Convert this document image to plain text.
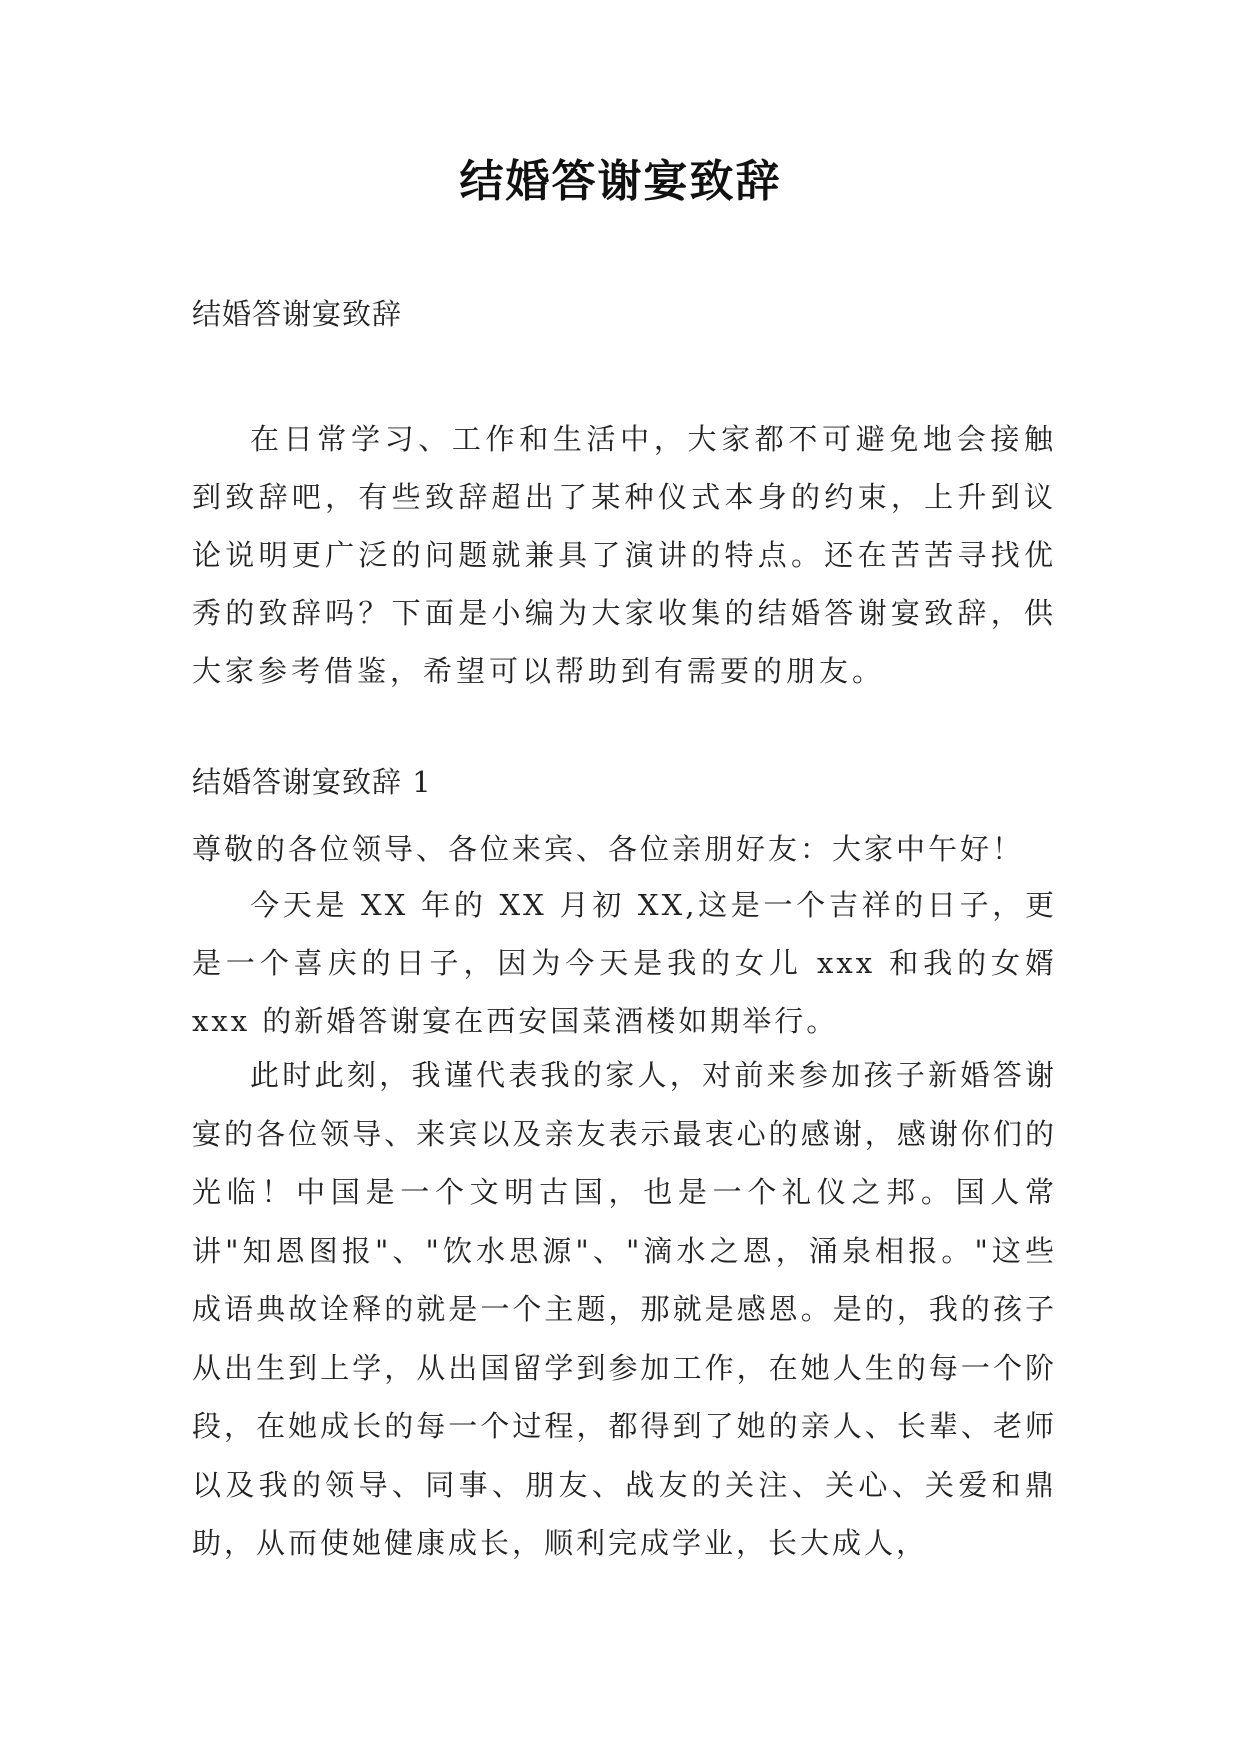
结婚答谢宴致辞

结婚答谢宴致辞

在日常学习、工作和生活中，大家都不可避免地会接触到致辞吧，有些致辞超出了某种仪式本身的约束，上升到议论说明更广泛的问题就兼具了演讲的特点。还在苦苦寻找优秀的致辞吗？下面是小编为大家收集的结婚答谢宴致辞，供大家参考借鉴，希望可以帮助到有需要的朋友。

结婚答谢宴致辞 1

尊敬的各位领导、各位来宾、各位亲朋好友：大家中午好！

今天是 XX 年的 XX 月初 XX,这是一个吉祥的日子，更是一个喜庆的日子，因为今天是我的女儿 xxx 和我的女婿 xxx 的新婚答谢宴在西安国菜酒楼如期举行。

此时此刻，我谨代表我的家人，对前来参加孩子新婚答谢宴的各位领导、来宾以及亲友表示最衷心的感谢，感谢你们的光临！中国是一个文明古国，也是一个礼仪之邦。国人常讲"知恩图报"、"饮水思源"、"滴水之恩，涌泉相报。"这些成语典故诠释的就是一个主题，那就是感恩。是的，我的孩子从出生到上学，从出国留学到参加工作，在她人生的每一个阶段，在她成长的每一个过程，都得到了她的亲人、长辈、老师以及我的领导、同事、朋友、战友的关注、关心、关爱和鼎助，从而使她健康成长，顺利完成学业，长大成人，
